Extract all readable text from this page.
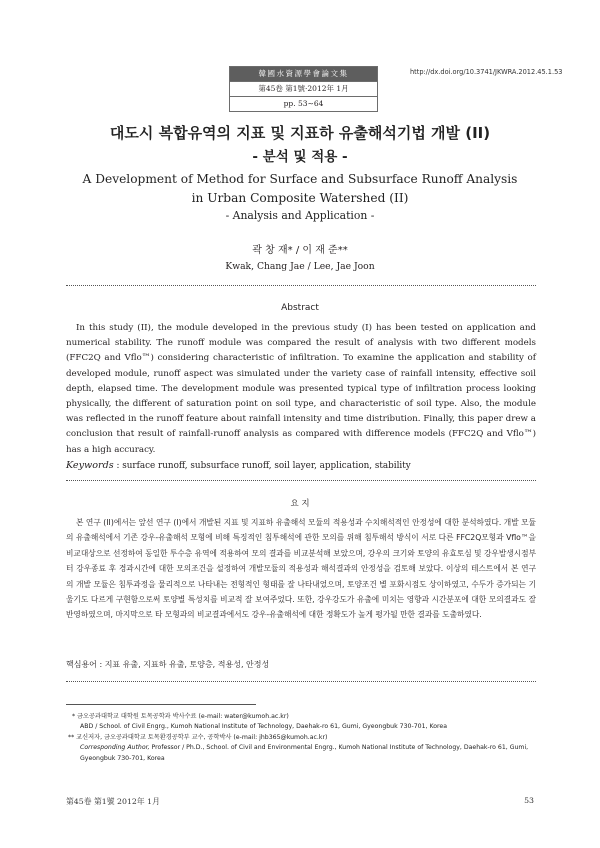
韓國水資源學會論文集
第45卷 第1號·2012年 1月
pp. 53∼64
http://dx.doi.org/10.3741/JKWRA.2012.45.1.53
대도시 복합유역의 지표 및 지표하 유출해석기법 개발 (II)
- 분석 및 적용 -
A Development of Method for Surface and Subsurface Runoff Analysis
in Urban Composite Watershed (II)
- Analysis and Application -
곽 창 재* / 이 재 준**
Kwak, Chang Jae / Lee, Jae Joon
Abstract
In this study (II), the module developed in the previous study (I) has been tested on application and numerical stability. The runoff module was compared the result of analysis with two different models (FFC2Q and Vflo™) considering characteristic of infiltration. To examine the application and stability of developed module, runoff aspect was simulated under the variety case of rainfall intensity, effective soil depth, elapsed time. The development module was presented typical type of infiltration process looking physically, the different of saturation point on soil type, and characteristic of soil type. Also, the module was reflected in the runoff feature about rainfall intensity and time distribution. Finally, this paper drew a conclusion that result of rainfall-runoff analysis as compared with difference models (FFC2Q and Vflo™) has a high accuracy.
Keywords : surface runoff, subsurface runoff, soil layer, application, stability
요 지
본 연구 (II)에서는 앞선 연구 (I)에서 개발된 지표 및 지표하 유출해석 모듈의 적용성과 수치해석적인 안정성에 대한 분석하였다. 개발 모듈의 유출해석에서 기존 강우-유출해석 모형에 비해 특징적인 침투해석에 관한 모의를 위해 침투해석 방식이 서로 다른 FFC2Q모형과 Vflo™을 비교대상으로 선정하여 동일한 투수층 유역에 적용하여 모의 결과를 비교분석해 보았으며, 강우의 크기와 토양의 유효토심 및 강우발생시점부터 강우종료 후 경과시간에 대한 모의조건을 설정하여 개발모듈의 적용성과 해석결과의 안정성을 검토해 보았다. 이상의 테스트에서 본 연구의 개발 모듈은 침투과정을 물리적으로 나타내는 전형적인 형태를 잘 나타내었으며, 토양조건 별 포화시점도 상이하였고, 수두가 증가되는 기울기도 다르게 구현함으로써 토양별 특성치를 비교적 잘 보여주었다. 또한, 강우강도가 유출에 미치는 영향과 시간분포에 대한 모의결과도 잘 반영하였으며, 마지막으로 타 모형과의 비교결과에서도 강우-유출해석에 대한 정확도가 높게 평가될 만한 결과를 도출하였다.
핵심용어 : 지표 유출, 지표하 유출, 토양층, 적용성, 안정성
* 금오공과대학교 대학원 토목공학과 박사수료 (e-mail: water@kumoh.ac.kr)
ABD / School. of Civil Engrg., Kumoh National Institute of Technology, Daehak-ro 61, Gumi, Gyeongbuk 730-701, Korea
** 교신저자, 금오공과대학교 토목환경공학부 교수, 공학박사 (e-mail: jhb365@kumoh.ac.kr)
Corresponding Author, Professor / Ph.D., School. of Civil and Environmental Engrg., Kumoh National Institute of Technology, Daehak-ro 61, Gumi, Gyeongbuk 730-701, Korea
第45卷 第1號 2012年 1月	53
